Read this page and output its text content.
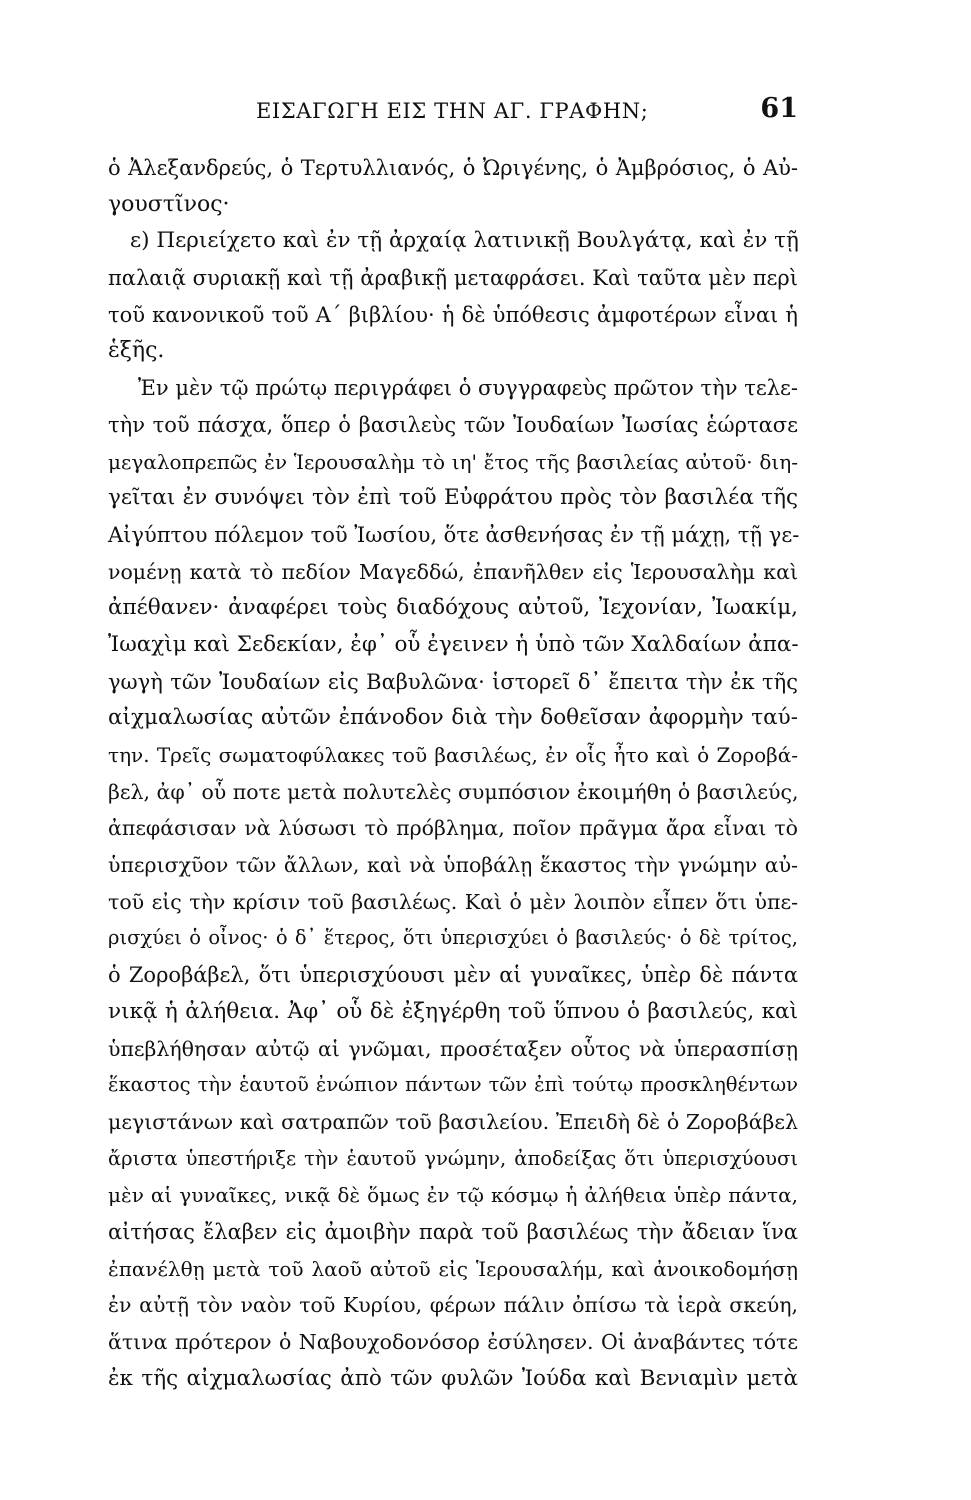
ΕΙΣΑΓΩΓΗ ΕΙΣ ΤΗΝ ΑΓ. ΓΡΑΦΗΝ;	61
ὁ Ἀλεξανδρεύς, ὁ Τερτυλλιανός, ὁ Ὠριγένης, ὁ Ἀμβρόσιος, ὁ Αὐ-
γουστῖνος·
ε) Περιείχετο καὶ ἐν τῇ ἀρχαίᾳ λατινικῇ Βουλγάτᾳ, καὶ ἐν τῇ
παλαιᾷ συριακῇ καὶ τῇ ἀραβικῇ μεταφράσει. Καὶ ταῦτα μὲν περὶ
τοῦ κανονικοῦ τοῦ Α΄ βιβλίου· ἡ δὲ ὑπόθεσις ἀμφοτέρων εἶναι ἡ
ἑξῆς.
Ἐν μὲν τῷ πρώτῳ περιγράφει ὁ συγγραφεὺς πρῶτον τὴν τελε-
τὴν τοῦ πάσχα, ὅπερ ὁ βασιλεὺς τῶν Ἰουδαίων Ἰωσίας ἑώρτασε
μεγαλοπρεπῶς ἐν Ἱερουσαλὴμ τὸ ιη' ἔτος τῆς βασιλείας αὐτοῦ· διη-
γεῖται ἐν συνόψει τὸν ἐπὶ τοῦ Εὐφράτου πρὸς τὸν βασιλέα τῆς
Αἰγύπτου πόλεμον τοῦ Ἰωσίου, ὅτε ἀσθενήσας ἐν τῇ μάχῃ, τῇ γε-
νομένῃ κατὰ τὸ πεδίον Μαγεδδώ, ἐπανῆλθεν εἰς Ἱερουσαλὴμ καὶ
ἀπέθανεν· ἀναφέρει τοὺς διαδόχους αὐτοῦ, Ἰεχονίαν, Ἰωακίμ,
Ἰωαχὶμ καὶ Σεδεκίαν, ἐφ᾽ οὗ ἐγεινεν ἡ ὑπὸ τῶν Χαλδαίων ἀπα-
γωγὴ τῶν Ἰουδαίων εἰς Βαβυλῶνα· ἱστορεῖ δ᾽ ἔπειτα τὴν ἐκ τῆς
αἰχμαλωσίας αὐτῶν ἐπάνοδον διὰ τὴν δοθεῖσαν ἀφορμὴν ταύ-
την. Τρεῖς σωματοφύλακες τοῦ βασιλέως, ἐν οἷς ἦτο καὶ ὁ Ζοροβά-
βελ, ἀφ᾽ οὗ ποτε μετὰ πολυτελὲς συμπόσιον ἐκοιμήθη ὁ βασιλεύς,
ἀπεφάσισαν νὰ λύσωσι τὸ πρόβλημα, ποῖον πρᾶγμα ἄρα εἶναι τὸ
ὑπερισχῦον τῶν ἄλλων, καὶ νὰ ὑποβάλῃ ἕκαστος τὴν γνώμην αὐ-
τοῦ εἰς τὴν κρίσιν τοῦ βασιλέως. Καὶ ὁ μὲν λοιπὸν εἶπεν ὅτι ὑπε-
ρισχύει ὁ οἶνος· ὁ δ᾽ ἕτερος, ὅτι ὑπερισχύει ὁ βασιλεύς· ὁ δὲ τρίτος,
ὁ Ζοροβάβελ, ὅτι ὑπερισχύουσι μὲν αἱ γυναῖκες, ὑπὲρ δὲ πάντα
νικᾷ ἡ ἀλήθεια. Ἀφ᾽ οὗ δὲ ἐξηγέρθη τοῦ ὕπνου ὁ βασιλεύς, καὶ
ὑπεβλήθησαν αὐτῷ αἱ γνῶμαι, προσέταξεν οὗτος νὰ ὑπερασπίσῃ
ἕκαστος τὴν ἑαυτοῦ ἐνώπιον πάντων τῶν ἐπὶ τούτῳ προσκληθέντων
μεγιστάνων καὶ σατραπῶν τοῦ βασιλείου. Ἐπειδὴ δὲ ὁ Ζοροβάβελ
ἄριστα ὑπεστήριξε τὴν ἑαυτοῦ γνώμην, ἀποδείξας ὅτι ὑπερισχύουσι
μὲν αἱ γυναῖκες, νικᾷ δὲ ὅμως ἐν τῷ κόσμῳ ἡ ἀλήθεια ὑπὲρ πάντα,
αἰτήσας ἔλαβεν εἰς ἀμοιβὴν παρὰ τοῦ βασιλέως τὴν ἄδειαν ἵνα
ἐπανέλθῃ μετὰ τοῦ λαοῦ αὐτοῦ εἰς Ἱερουσαλήμ, καὶ ἀνοικοδομήσῃ
ἐν αὐτῇ τὸν ναὸν τοῦ Κυρίου, φέρων πάλιν ὀπίσω τὰ ἱερὰ σκεύη,
ἅτινα πρότερον ὁ Ναβουχοδονόσορ ἐσύλησεν. Οἱ ἀναβάντες τότε
ἐκ τῆς αἰχμαλωσίας ἀπὸ τῶν φυλῶν Ἰούδα καὶ Βενιαμὶν μετὰ
